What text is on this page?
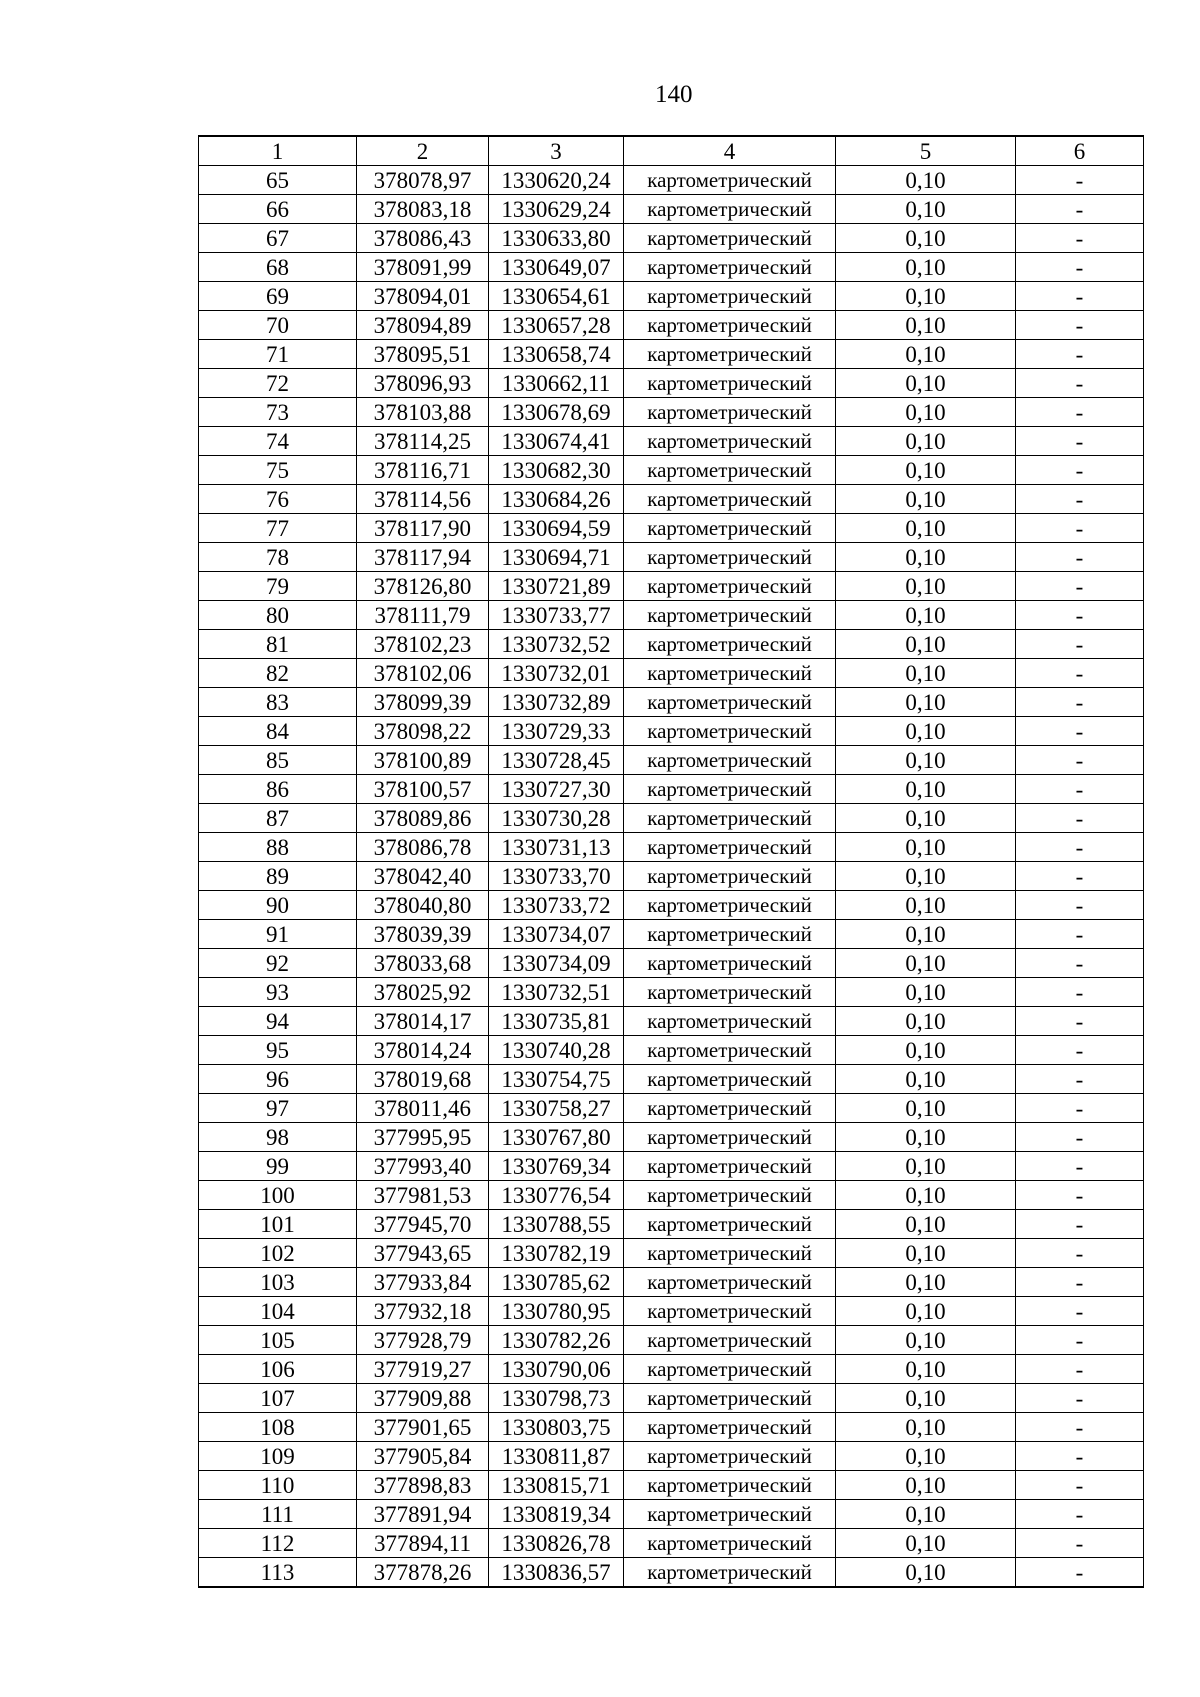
140
1	2	3	4	5	6
65	378078,97	1330620,24	картометрический	0,10	-
66	378083,18	1330629,24	картометрический	0,10	-
67	378086,43	1330633,80	картометрический	0,10	-
68	378091,99	1330649,07	картометрический	0,10	-
69	378094,01	1330654,61	картометрический	0,10	-
70	378094,89	1330657,28	картометрический	0,10	-
71	378095,51	1330658,74	картометрический	0,10	-
72	378096,93	1330662,11	картометрический	0,10	-
73	378103,88	1330678,69	картометрический	0,10	-
74	378114,25	1330674,41	картометрический	0,10	-
75	378116,71	1330682,30	картометрический	0,10	-
76	378114,56	1330684,26	картометрический	0,10	-
77	378117,90	1330694,59	картометрический	0,10	-
78	378117,94	1330694,71	картометрический	0,10	-
79	378126,80	1330721,89	картометрический	0,10	-
80	378111,79	1330733,77	картометрический	0,10	-
81	378102,23	1330732,52	картометрический	0,10	-
82	378102,06	1330732,01	картометрический	0,10	-
83	378099,39	1330732,89	картометрический	0,10	-
84	378098,22	1330729,33	картометрический	0,10	-
85	378100,89	1330728,45	картометрический	0,10	-
86	378100,57	1330727,30	картометрический	0,10	-
87	378089,86	1330730,28	картометрический	0,10	-
88	378086,78	1330731,13	картометрический	0,10	-
89	378042,40	1330733,70	картометрический	0,10	-
90	378040,80	1330733,72	картометрический	0,10	-
91	378039,39	1330734,07	картометрический	0,10	-
92	378033,68	1330734,09	картометрический	0,10	-
93	378025,92	1330732,51	картометрический	0,10	-
94	378014,17	1330735,81	картометрический	0,10	-
95	378014,24	1330740,28	картометрический	0,10	-
96	378019,68	1330754,75	картометрический	0,10	-
97	378011,46	1330758,27	картометрический	0,10	-
98	377995,95	1330767,80	картометрический	0,10	-
99	377993,40	1330769,34	картометрический	0,10	-
100	377981,53	1330776,54	картометрический	0,10	-
101	377945,70	1330788,55	картометрический	0,10	-
102	377943,65	1330782,19	картометрический	0,10	-
103	377933,84	1330785,62	картометрический	0,10	-
104	377932,18	1330780,95	картометрический	0,10	-
105	377928,79	1330782,26	картометрический	0,10	-
106	377919,27	1330790,06	картометрический	0,10	-
107	377909,88	1330798,73	картометрический	0,10	-
108	377901,65	1330803,75	картометрический	0,10	-
109	377905,84	1330811,87	картометрический	0,10	-
110	377898,83	1330815,71	картометрический	0,10	-
111	377891,94	1330819,34	картометрический	0,10	-
112	377894,11	1330826,78	картометрический	0,10	-
113	377878,26	1330836,57	картометрический	0,10	-
